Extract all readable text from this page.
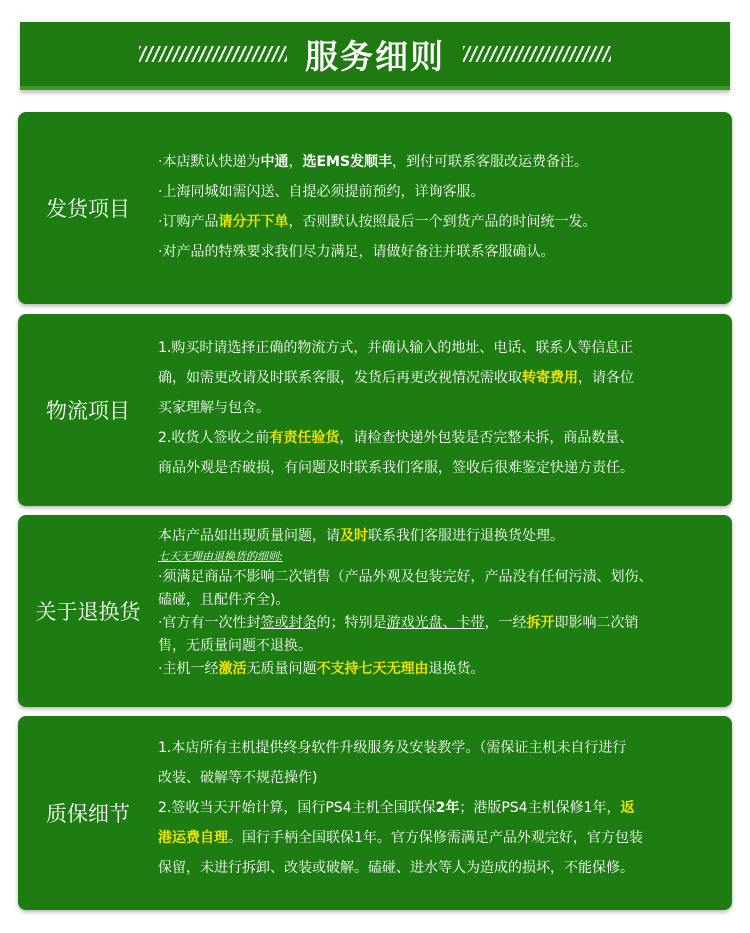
服务细则
发货项目
·本店默认快递为中通，选EMS发顺丰，到付可联系客服改运费备注。
·上海同城如需闪送、自提必须提前预约，详询客服。
·订购产品请分开下单，否则默认按照最后一个到货产品的时间统一发。
·对产品的特殊要求我们尽力满足，请做好备注并联系客服确认。
物流项目
1.购买时请选择正确的物流方式，并确认输入的地址、电话、联系人等信息正
确，如需更改请及时联系客服，发货后再更改视情况需收取转寄费用，请各位
买家理解与包含。
2.收货人签收之前有责任验货，请检查快递外包装是否完整未拆，商品数量、
商品外观是否破损，有问题及时联系我们客服，签收后很难鉴定快递方责任。
关于退换货
本店产品如出现质量问题，请及时联系我们客服进行退换货处理。
七天无理由退换货的细则:
·须满足商品不影响二次销售（产品外观及包装完好，产品没有任何污渍、划伤、
磕碰，且配件齐全)。
·官方有一次性封签或封条的；特别是游戏光盘、卡带，一经拆开即影响二次销
售，无质量问题不退换。
·主机一经激活无质量问题不支持七天无理由退换货。
质保细节
1.本店所有主机提供终身软件升级服务及安装教学。（需保证主机未自行进行
改装、破解等不规范操作)
2.签收当天开始计算，国行PS4主机全国联保2年；港版PS4主机保修1年，返
港运费自理。国行手柄全国联保1年。官方保修需满足产品外观完好，官方包装
保留，未进行拆卸、改装或破解。磕碰、进水等人为造成的损坏，不能保修。
